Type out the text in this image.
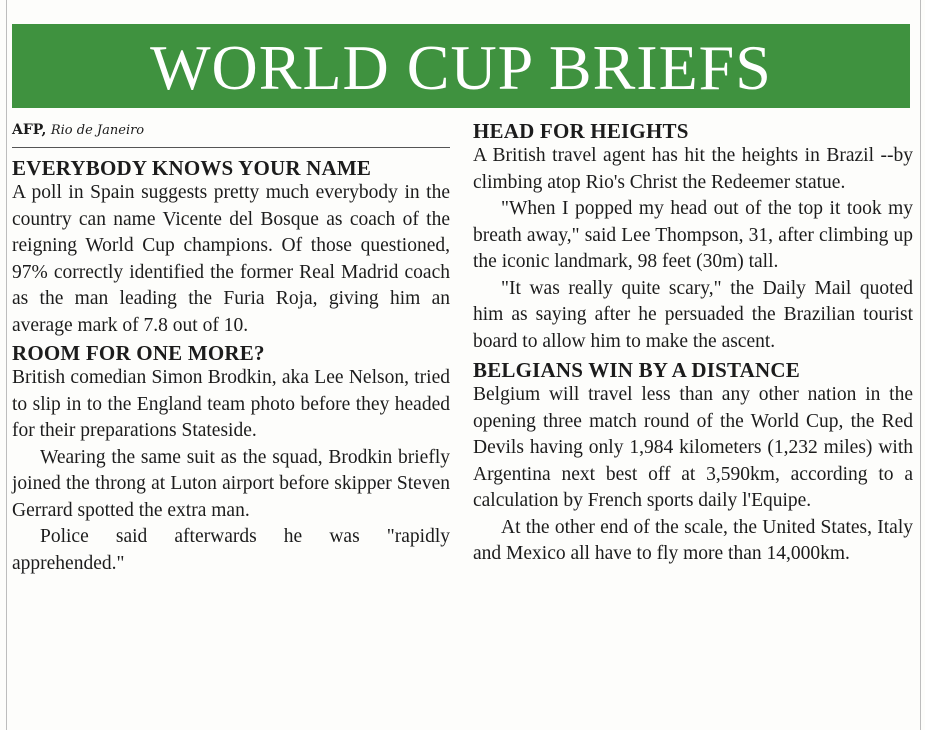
WORLD CUP BRIEFS
AFP, Rio de Janeiro
EVERYBODY KNOWS YOUR NAME

A poll in Spain suggests pretty much everybody in the country can name Vicente del Bosque as coach of the reigning World Cup champions. Of those questioned, 97% correctly identified the former Real Madrid coach as the man leading the Furia Roja, giving him an average mark of 7.8 out of 10.

ROOM FOR ONE MORE?

British comedian Simon Brodkin, aka Lee Nelson, tried to slip in to the England team photo before they headed for their preparations Stateside.

Wearing the same suit as the squad, Brodkin briefly joined the throng at Luton airport before skipper Steven Gerrard spotted the extra man.

Police said afterwards he was "rapidly apprehended."

HEAD FOR HEIGHTS

A British travel agent has hit the heights in Brazil --by climbing atop Rio's Christ the Redeemer statue.

"When I popped my head out of the top it took my breath away," said Lee Thompson, 31, after climbing up the iconic landmark, 98 feet (30m) tall.

"It was really quite scary," the Daily Mail quoted him as saying after he persuaded the Brazilian tourist board to allow him to make the ascent.

BELGIANS WIN BY A DISTANCE

Belgium will travel less than any other nation in the opening three match round of the World Cup, the Red Devils having only 1,984 kilometers (1,232 miles) with Argentina next best off at 3,590km, according to a calculation by French sports daily l'Equipe.

At the other end of the scale, the United States, Italy and Mexico all have to fly more than 14,000km.
